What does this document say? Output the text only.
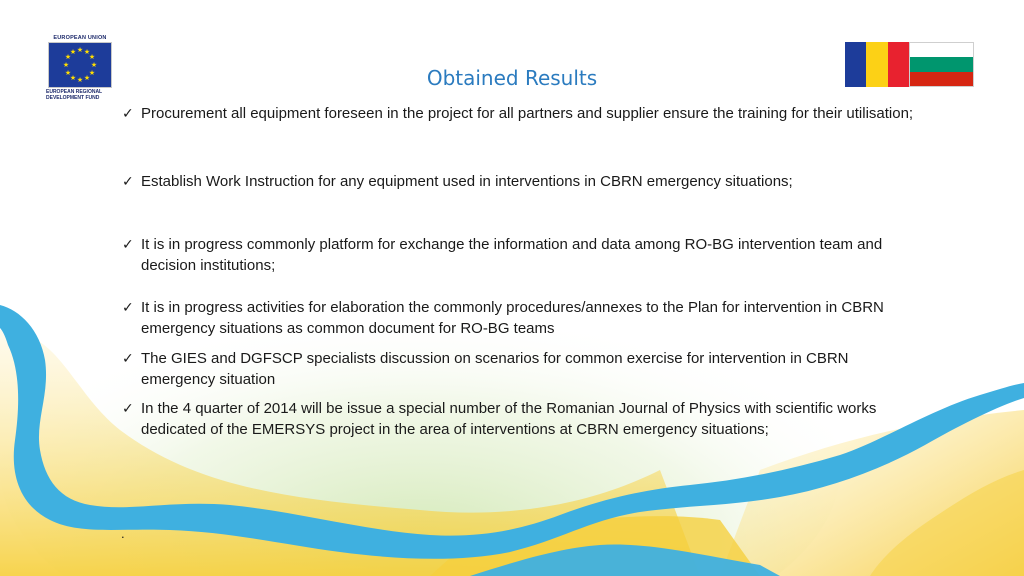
EUROPEAN UNION
★ ★
★
★
★
★
★
★
★
★
★
★
EUROPEAN REGIONAL
DEVELOPMENT FUND
Obtained Results
✓ Procurement all equipment foreseen in the project for all partners and supplier ensure the training for their utilisation;
✓ Establish Work Instruction for any equipment used in interventions in CBRN emergency situations;
✓ It is in progress commonly platform for exchange the information and data among RO-BG intervention team and decision institutions;
✓ It is in progress activities for elaboration the commonly procedures/annexes to the Plan for intervention in CBRN emergency situations as common document for RO-BG teams
✓ The GIES and DGFSCP specialists discussion on scenarios for common exercise for intervention in CBRN emergency situation
✓ In the 4 quarter of 2014 will be issue a special number of the Romanian Journal of Physics with scientific works dedicated of the EMERSYS project in the area of interventions at CBRN emergency situations;
.
